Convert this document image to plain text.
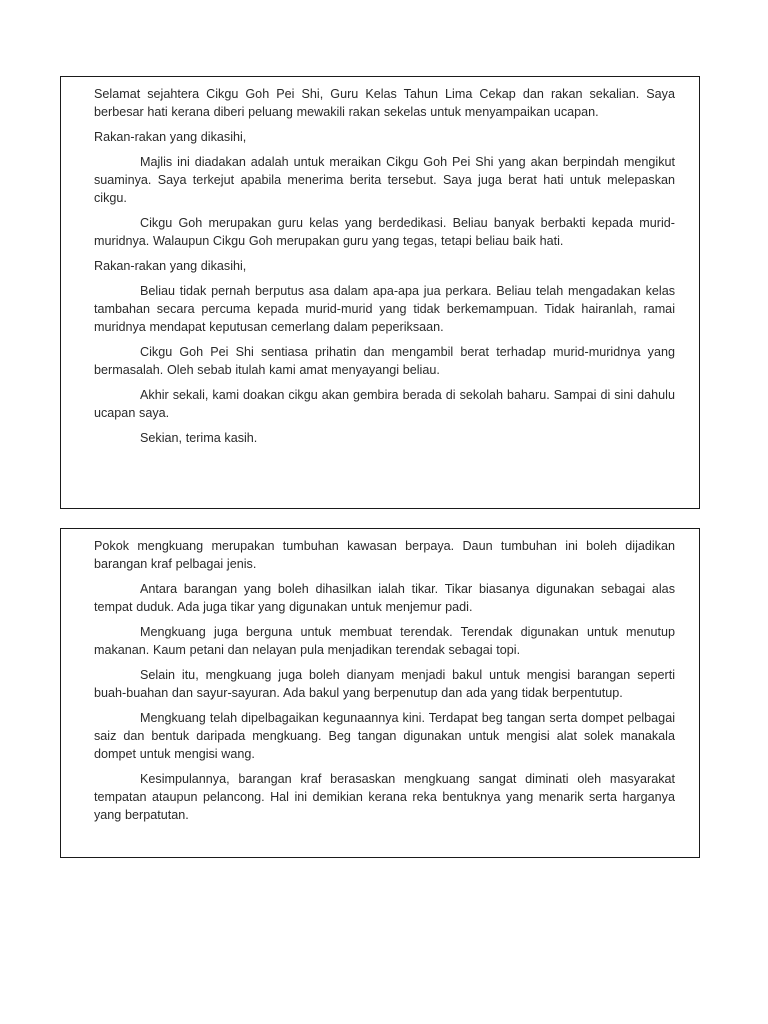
Selamat sejahtera Cikgu Goh Pei Shi, Guru Kelas Tahun Lima Cekap dan rakan sekalian. Saya berbesar hati kerana diberi peluang mewakili rakan sekelas untuk menyampaikan ucapan.

Rakan-rakan yang dikasihi,

Majlis ini diadakan adalah untuk meraikan Cikgu Goh Pei Shi yang akan berpindah mengikut suaminya. Saya terkejut apabila menerima berita tersebut. Saya juga berat hati untuk melepaskan cikgu.

Cikgu Goh merupakan guru kelas yang berdedikasi. Beliau banyak berbakti kepada murid-muridnya. Walaupun Cikgu Goh merupakan guru yang tegas, tetapi beliau baik hati.

Rakan-rakan yang dikasihi,

Beliau tidak pernah berputus asa dalam apa-apa jua perkara. Beliau telah mengadakan kelas tambahan secara percuma kepada murid-murid yang tidak berkemampuan. Tidak hairanlah, ramai muridnya mendapat keputusan cemerlang dalam peperiksaan.

Cikgu Goh Pei Shi sentiasa prihatin dan mengambil berat terhadap murid-muridnya yang bermasalah. Oleh sebab itulah kami amat menyayangi beliau.

Akhir sekali, kami doakan cikgu akan gembira berada di sekolah baharu. Sampai di sini dahulu ucapan saya.

Sekian, terima kasih.

Pokok mengkuang merupakan tumbuhan kawasan berpaya. Daun tumbuhan ini boleh dijadikan barangan kraf pelbagai jenis.

Antara barangan yang boleh dihasilkan ialah tikar. Tikar biasanya digunakan sebagai alas tempat duduk. Ada juga tikar yang digunakan untuk menjemur padi.

Mengkuang juga berguna untuk membuat terendak. Terendak digunakan untuk menutup makanan. Kaum petani dan nelayan pula menjadikan terendak sebagai topi.

Selain itu, mengkuang juga boleh dianyam menjadi bakul untuk mengisi barangan seperti buah-buahan dan sayur-sayuran. Ada bakul yang berpenutup dan ada yang tidak berpentutup.

Mengkuang telah dipelbagaikan kegunaannya kini. Terdapat beg tangan serta dompet pelbagai saiz dan bentuk daripada mengkuang. Beg tangan digunakan untuk mengisi alat solek manakala dompet untuk mengisi wang.

Kesimpulannya, barangan kraf berasaskan mengkuang sangat diminati oleh masyarakat tempatan ataupun pelancong. Hal ini demikian kerana reka bentuknya yang menarik serta harganya yang berpatutan.
